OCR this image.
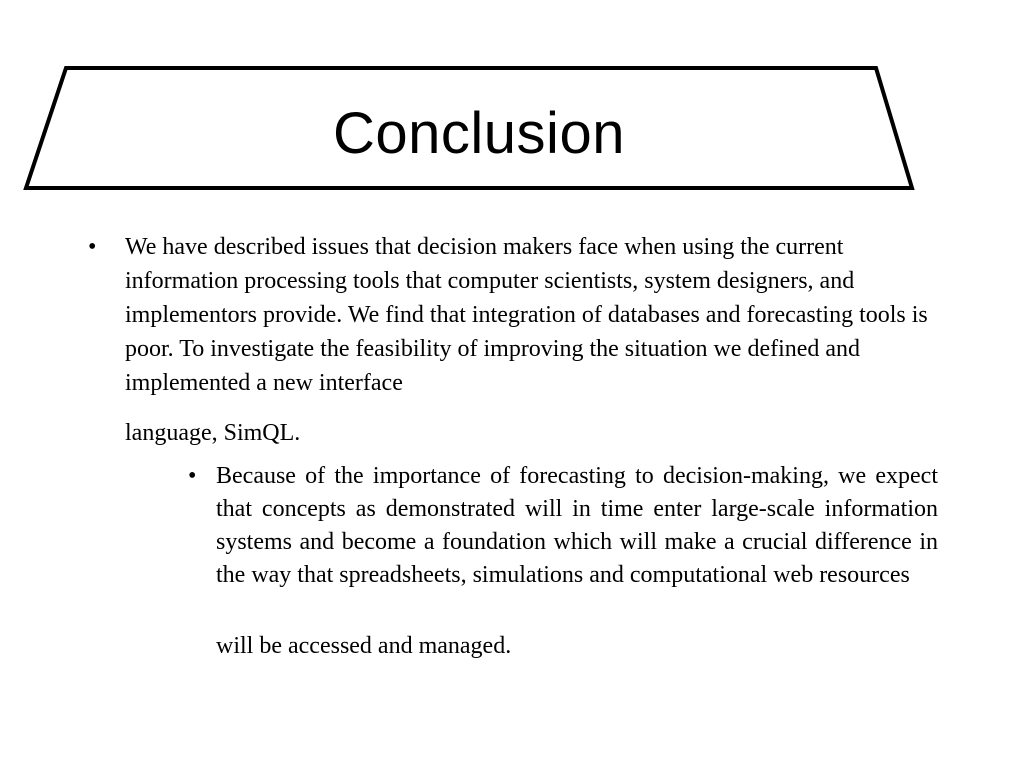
Conclusion
• We have described issues that decision makers face when using the current information processing tools that computer scientists, system designers, and implementors provide. We find that integration of databases and forecasting tools is poor. To investigate the feasibility of improving the situation we defined and implemented a new interface
language, SimQL.
• Because of the importance of forecasting to decision-making, we expect that concepts as demonstrated will in time enter large-scale information systems and become a foundation which will make a crucial difference in the way that spreadsheets, simulations and computational web resources
will be accessed and managed.
